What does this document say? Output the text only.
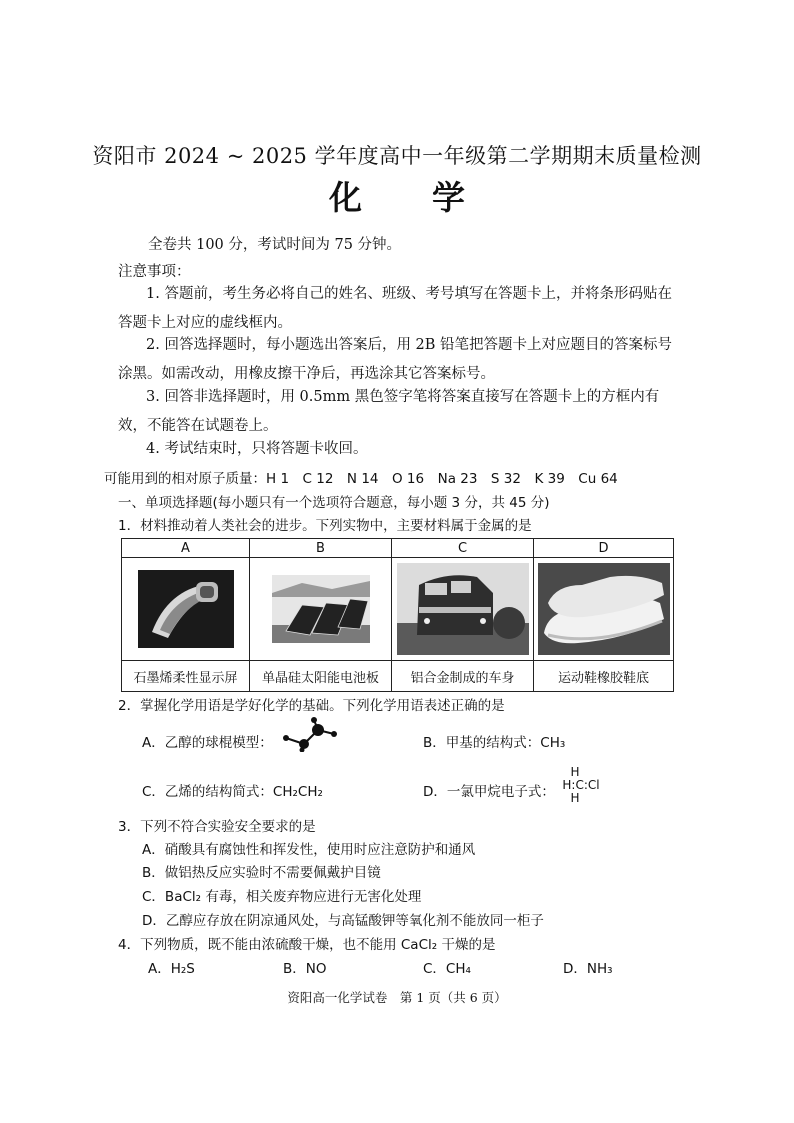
资阳市 2024 ~ 2025 学年度高中一年级第二学期期末质量检测
化学
全卷共 100 分，考试时间为 75 分钟。
注意事项：
1. 答题前，考生务必将自己的姓名、班级、考号填写在答题卡上，并将条形码贴在答题卡上对应的虚线框内。
2. 回答选择题时，每小题选出答案后，用 2B 铅笔把答题卡上对应题目的答案标号涂黑。如需改动，用橡皮擦干净后，再选涂其它答案标号。
3. 回答非选择题时，用 0.5mm 黑色签字笔将答案直接写在答题卡上的方框内有效，不能答在试题卷上。
4. 考试结束时，只将答题卡收回。
可能用到的相对原子质量：H 1　C 12　N 14　O 16　Na 23　S 32　K 39　Cu 64
一、单项选择题(每小题只有一个选项符合题意，每小题 3 分，共 45 分)
1．材料推动着人类社会的进步。下列实物中，主要材料属于金属的是
A	B	C	D

石墨烯柔性显示屏	单晶硅太阳能电池板	铝合金制成的车身	运动鞋橡胶鞋底
2．掌握化学用语是学好化学的基础。下列化学用语表述正确的是
A．乙醇的球棍模型：	B．甲基的结构式：CH₃
C．乙烯的结构简式：CH₂CH₂	D．一氯甲烷电子式：
H
H:C:Cl
H
3．下列不符合实验安全要求的是
A．硝酸具有腐蚀性和挥发性，使用时应注意防护和通风
B．做铝热反应实验时不需要佩戴护目镜
C．BaCl₂ 有毒，相关废弃物应进行无害化处理
D．乙醇应存放在阴凉通风处，与高锰酸钾等氧化剂不能放同一柜子
4．下列物质，既不能由浓硫酸干燥，也不能用 CaCl₂ 干燥的是
A．H₂S	B．NO	C．CH₄	D．NH₃
资阳高一化学试卷　第 1 页（共 6 页）
